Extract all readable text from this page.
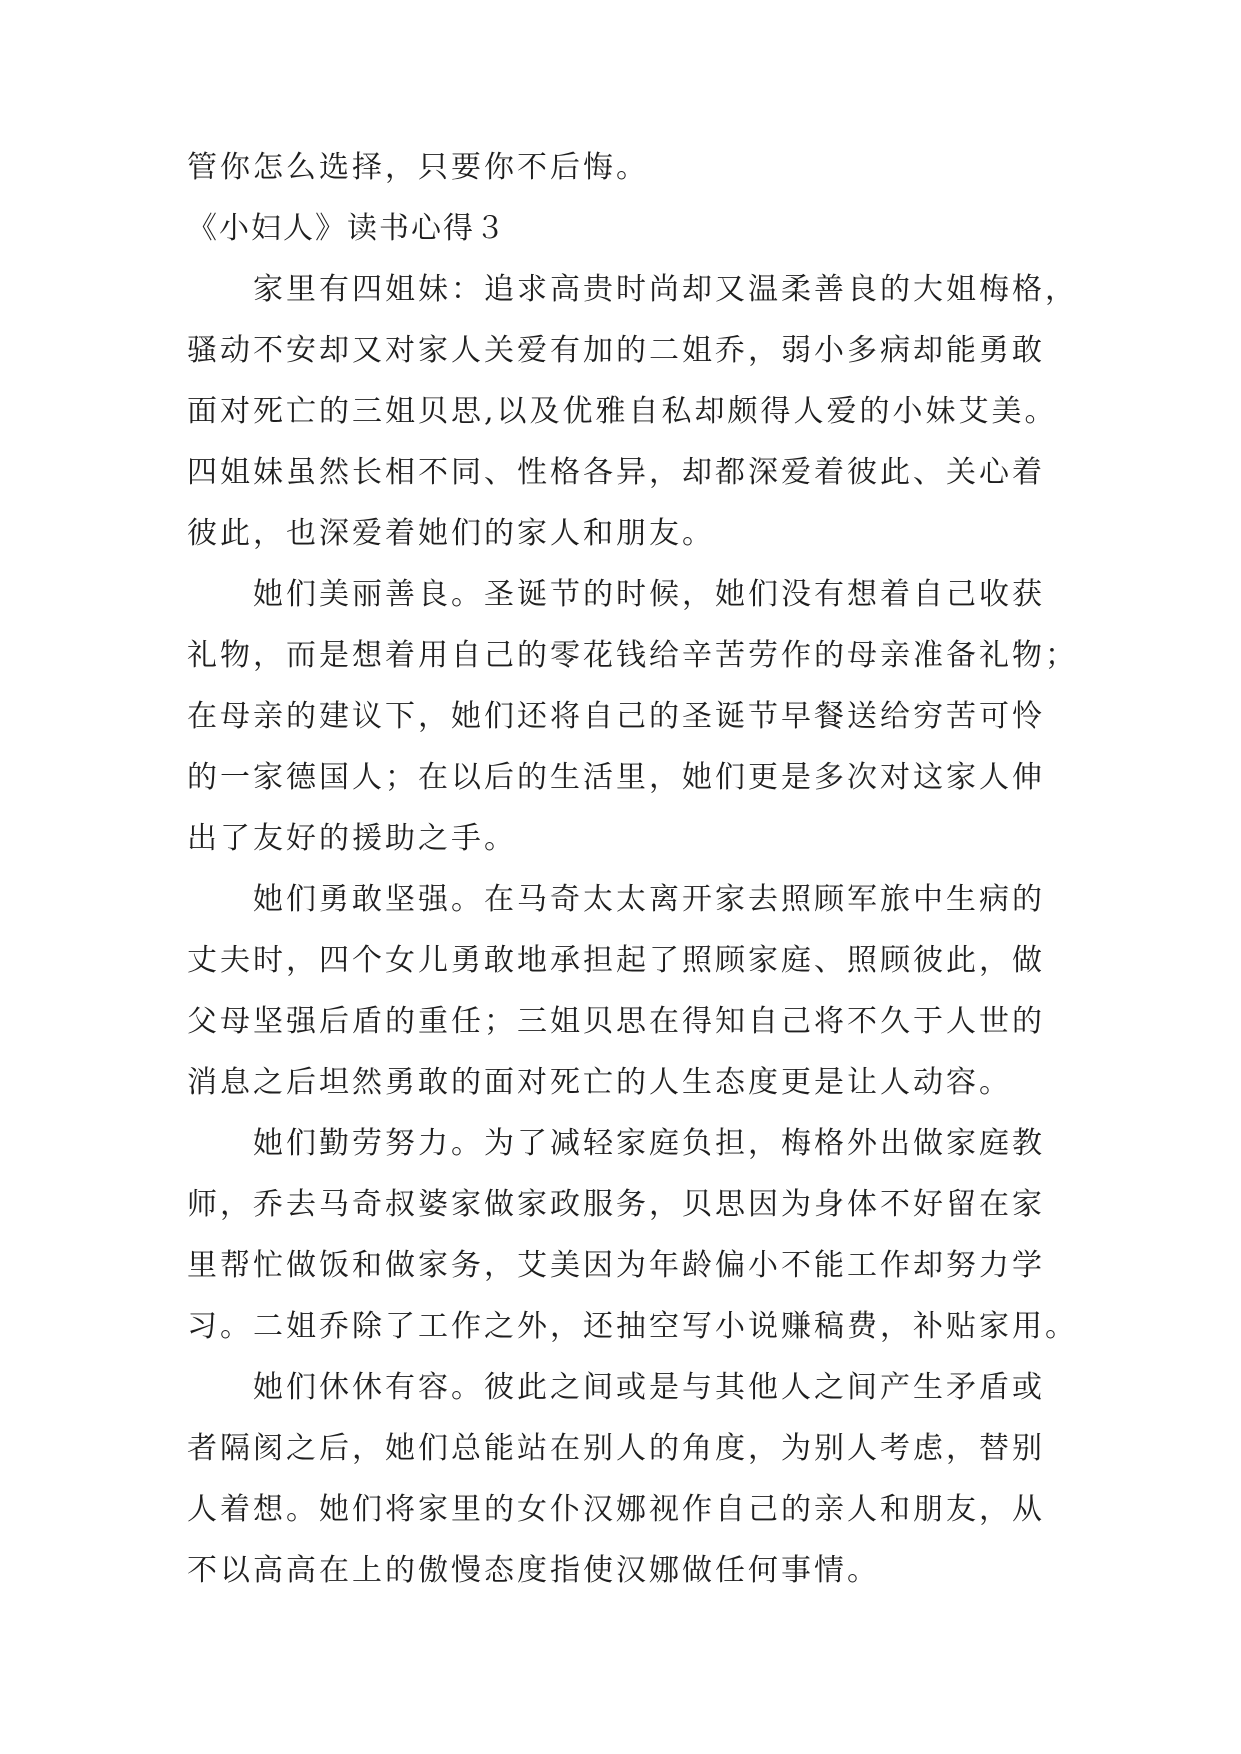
管你怎么选择，只要你不后悔。
《小妇人》读书心得３
家里有四姐妹：追求高贵时尚却又温柔善良的大姐梅格，
骚动不安却又对家人关爱有加的二姐乔，弱小多病却能勇敢
面对死亡的三姐贝思,以及优雅自私却颇得人爱的小妹艾美。
四姐妹虽然长相不同、性格各异，却都深爱着彼此、关心着
彼此，也深爱着她们的家人和朋友。
她们美丽善良。圣诞节的时候，她们没有想着自己收获
礼物，而是想着用自己的零花钱给辛苦劳作的母亲准备礼物；
在母亲的建议下，她们还将自己的圣诞节早餐送给穷苦可怜
的一家德国人；在以后的生活里，她们更是多次对这家人伸
出了友好的援助之手。
她们勇敢坚强。在马奇太太离开家去照顾军旅中生病的
丈夫时，四个女儿勇敢地承担起了照顾家庭、照顾彼此，做
父母坚强后盾的重任；三姐贝思在得知自己将不久于人世的
消息之后坦然勇敢的面对死亡的人生态度更是让人动容。
她们勤劳努力。为了减轻家庭负担，梅格外出做家庭教
师，乔去马奇叔婆家做家政服务，贝思因为身体不好留在家
里帮忙做饭和做家务，艾美因为年龄偏小不能工作却努力学
习。二姐乔除了工作之外，还抽空写小说赚稿费，补贴家用。
她们休休有容。彼此之间或是与其他人之间产生矛盾或
者隔阂之后，她们总能站在别人的角度，为别人考虑，替别
人着想。她们将家里的女仆汉娜视作自己的亲人和朋友，从
不以高高在上的傲慢态度指使汉娜做任何事情。
